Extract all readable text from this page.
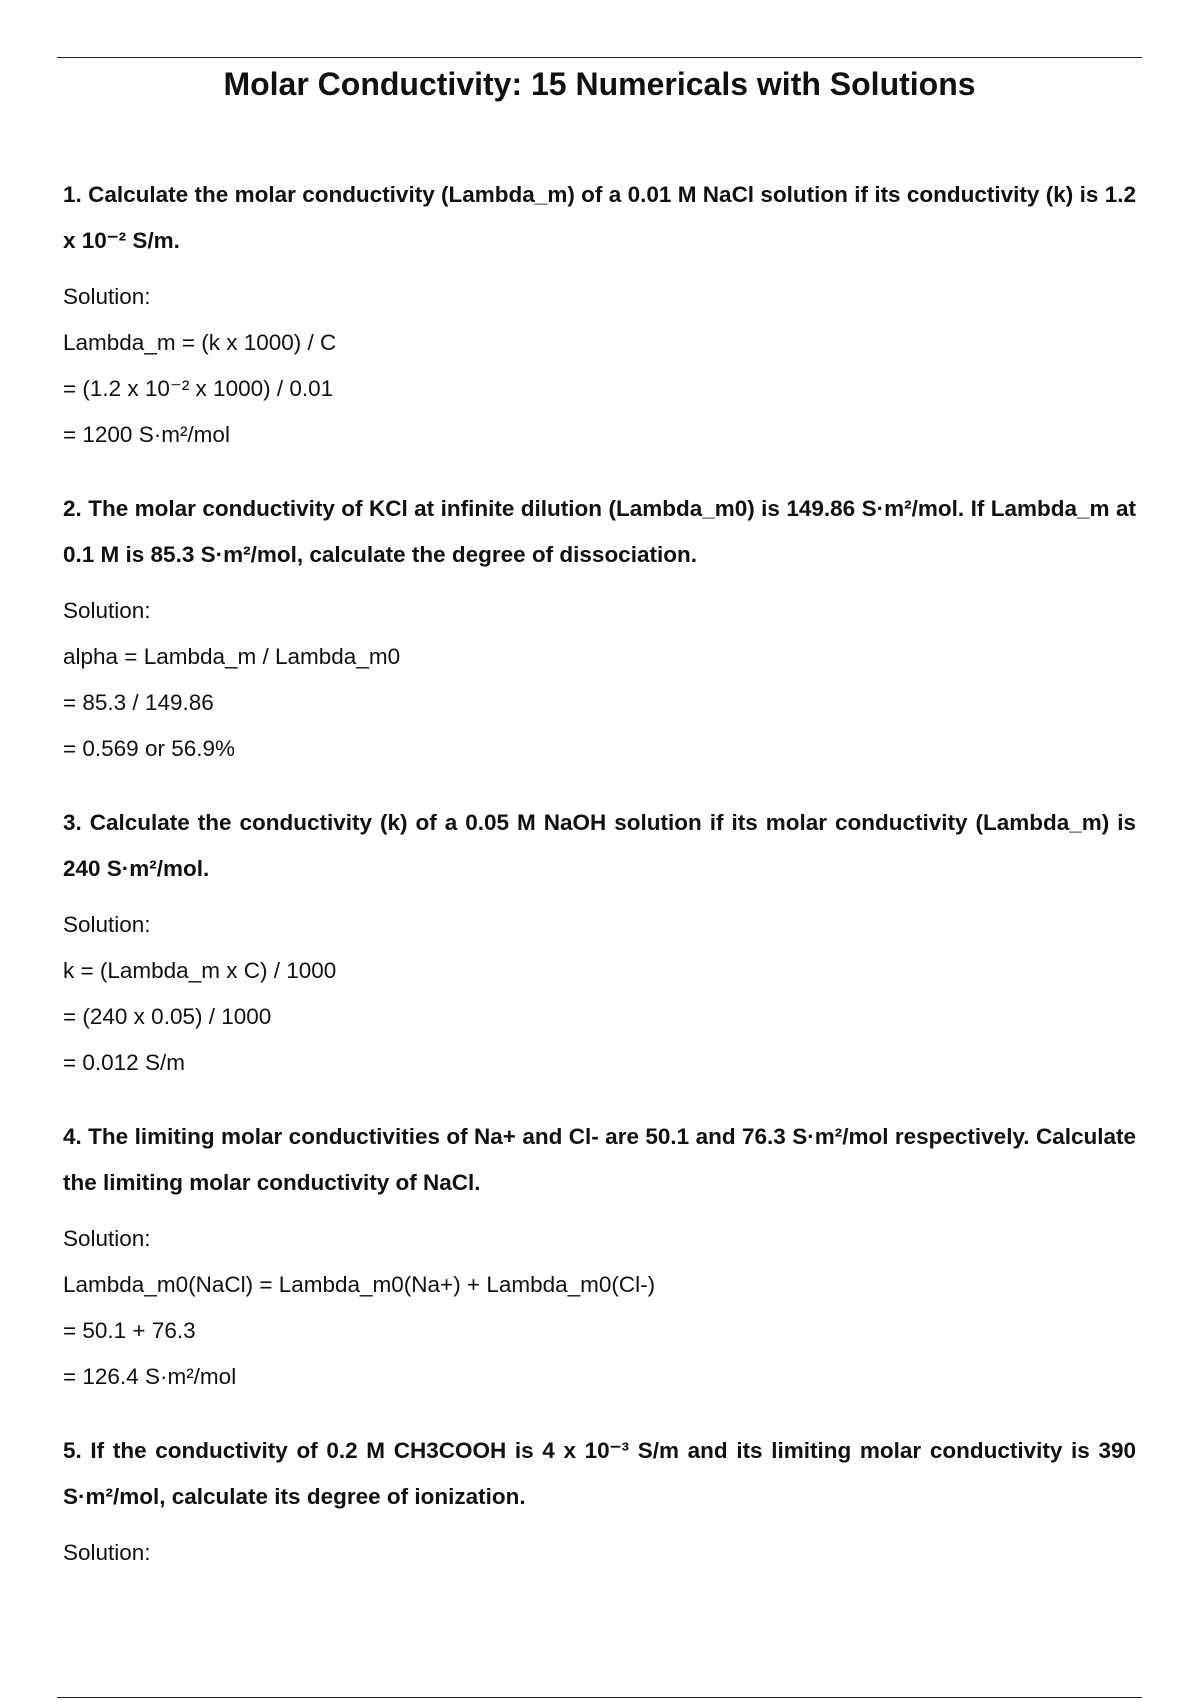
Molar Conductivity: 15 Numericals with Solutions

1. Calculate the molar conductivity (Lambda_m) of a 0.01 M NaCl solution if its conductivity (k) is 1.2 x 10⁻² S/m.

Solution:

Lambda_m = (k x 1000) / C

= (1.2 x 10⁻² x 1000) / 0.01

= 1200 S·m²/mol

2. The molar conductivity of KCl at infinite dilution (Lambda_m0) is 149.86 S·m²/mol. If Lambda_m at 0.1 M is 85.3 S·m²/mol, calculate the degree of dissociation.

Solution:

alpha = Lambda_m / Lambda_m0

= 85.3 / 149.86

= 0.569 or 56.9%

3. Calculate the conductivity (k) of a 0.05 M NaOH solution if its molar conductivity (Lambda_m) is 240 S·m²/mol.

Solution:

k = (Lambda_m x C) / 1000

= (240 x 0.05) / 1000

= 0.012 S/m

4. The limiting molar conductivities of Na+ and Cl- are 50.1 and 76.3 S·m²/mol respectively. Calculate the limiting molar conductivity of NaCl.

Solution:

Lambda_m0(NaCl) = Lambda_m0(Na+) + Lambda_m0(Cl-)

= 50.1 + 76.3

= 126.4 S·m²/mol

5. If the conductivity of 0.2 M CH3COOH is 4 x 10⁻³ S/m and its limiting molar conductivity is 390 S·m²/mol, calculate its degree of ionization.

Solution:
